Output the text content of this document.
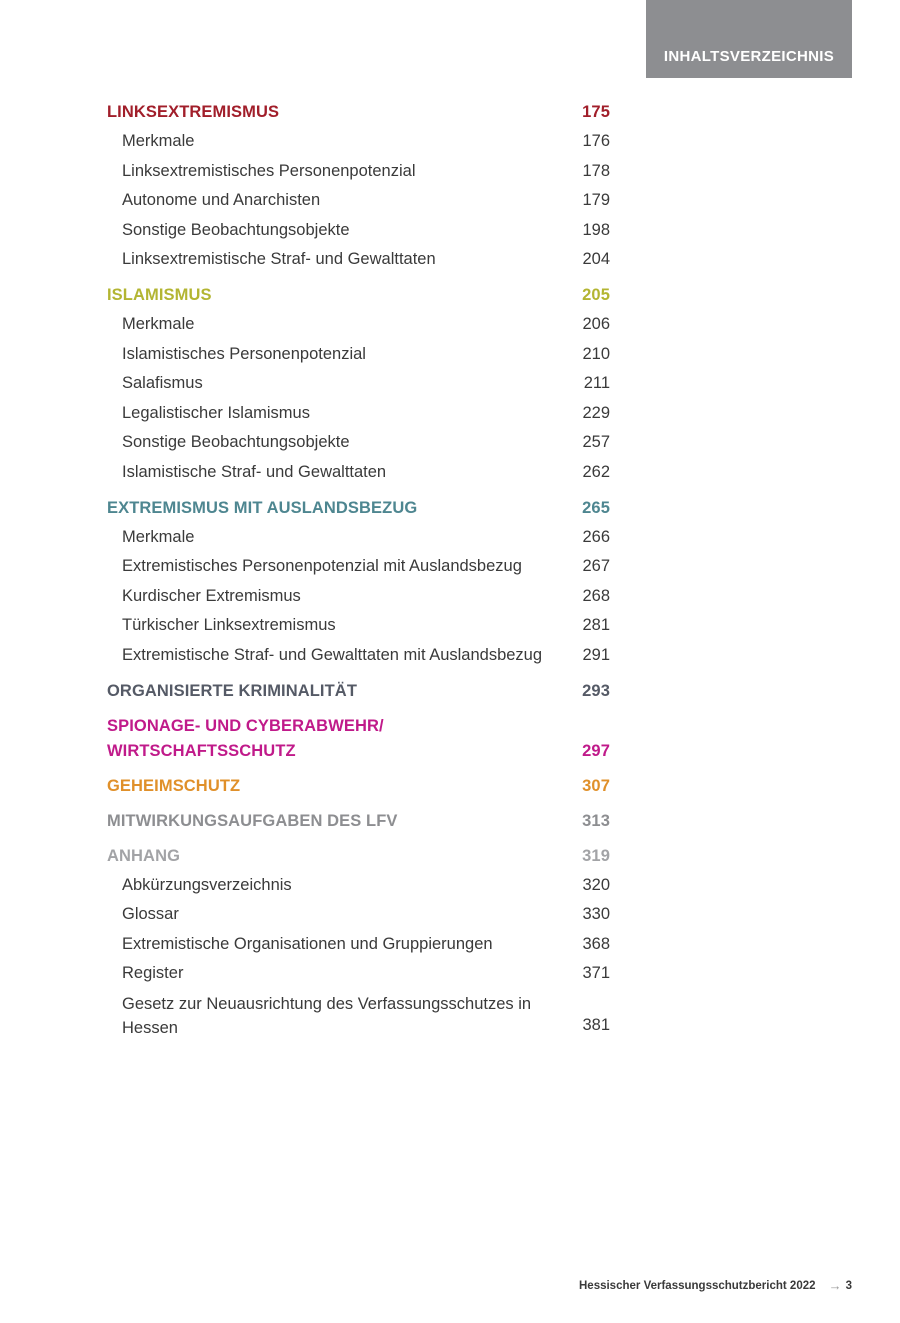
INHALTSVERZEICHNIS
LINKSEXTREMISMUS	175
Merkmale	176
Linksextremistisches Personenpotenzial	178
Autonome und Anarchisten	179
Sonstige Beobachtungsobjekte	198
Linksextremistische Straf- und Gewalttaten	204
ISLAMISMUS	205
Merkmale	206
Islamistisches Personenpotenzial	210
Salafismus	211
Legalistischer Islamismus	229
Sonstige Beobachtungsobjekte	257
Islamistische Straf- und Gewalttaten	262
EXTREMISMUS MIT AUSLANDSBEZUG	265
Merkmale	266
Extremistisches Personenpotenzial mit Auslandsbezug	267
Kurdischer Extremismus	268
Türkischer Linksextremismus	281
Extremistische Straf- und Gewalttaten mit Auslandsbezug 291
ORGANISIERTE KRIMINALITÄT	293
SPIONAGE- UND CYBERABWEHR/ WIRTSCHAFTSSCHUTZ	297
GEHEIMSCHUTZ	307
MITWIRKUNGSAUFGABEN DES LFV	313
ANHANG	319
Abkürzungsverzeichnis	320
Glossar	330
Extremistische Organisationen und Gruppierungen	368
Register	371
Gesetz zur Neuausrichtung des Verfassungsschutzes in Hessen	381
Hessischer Verfassungsschutzbericht 2022 → 3
